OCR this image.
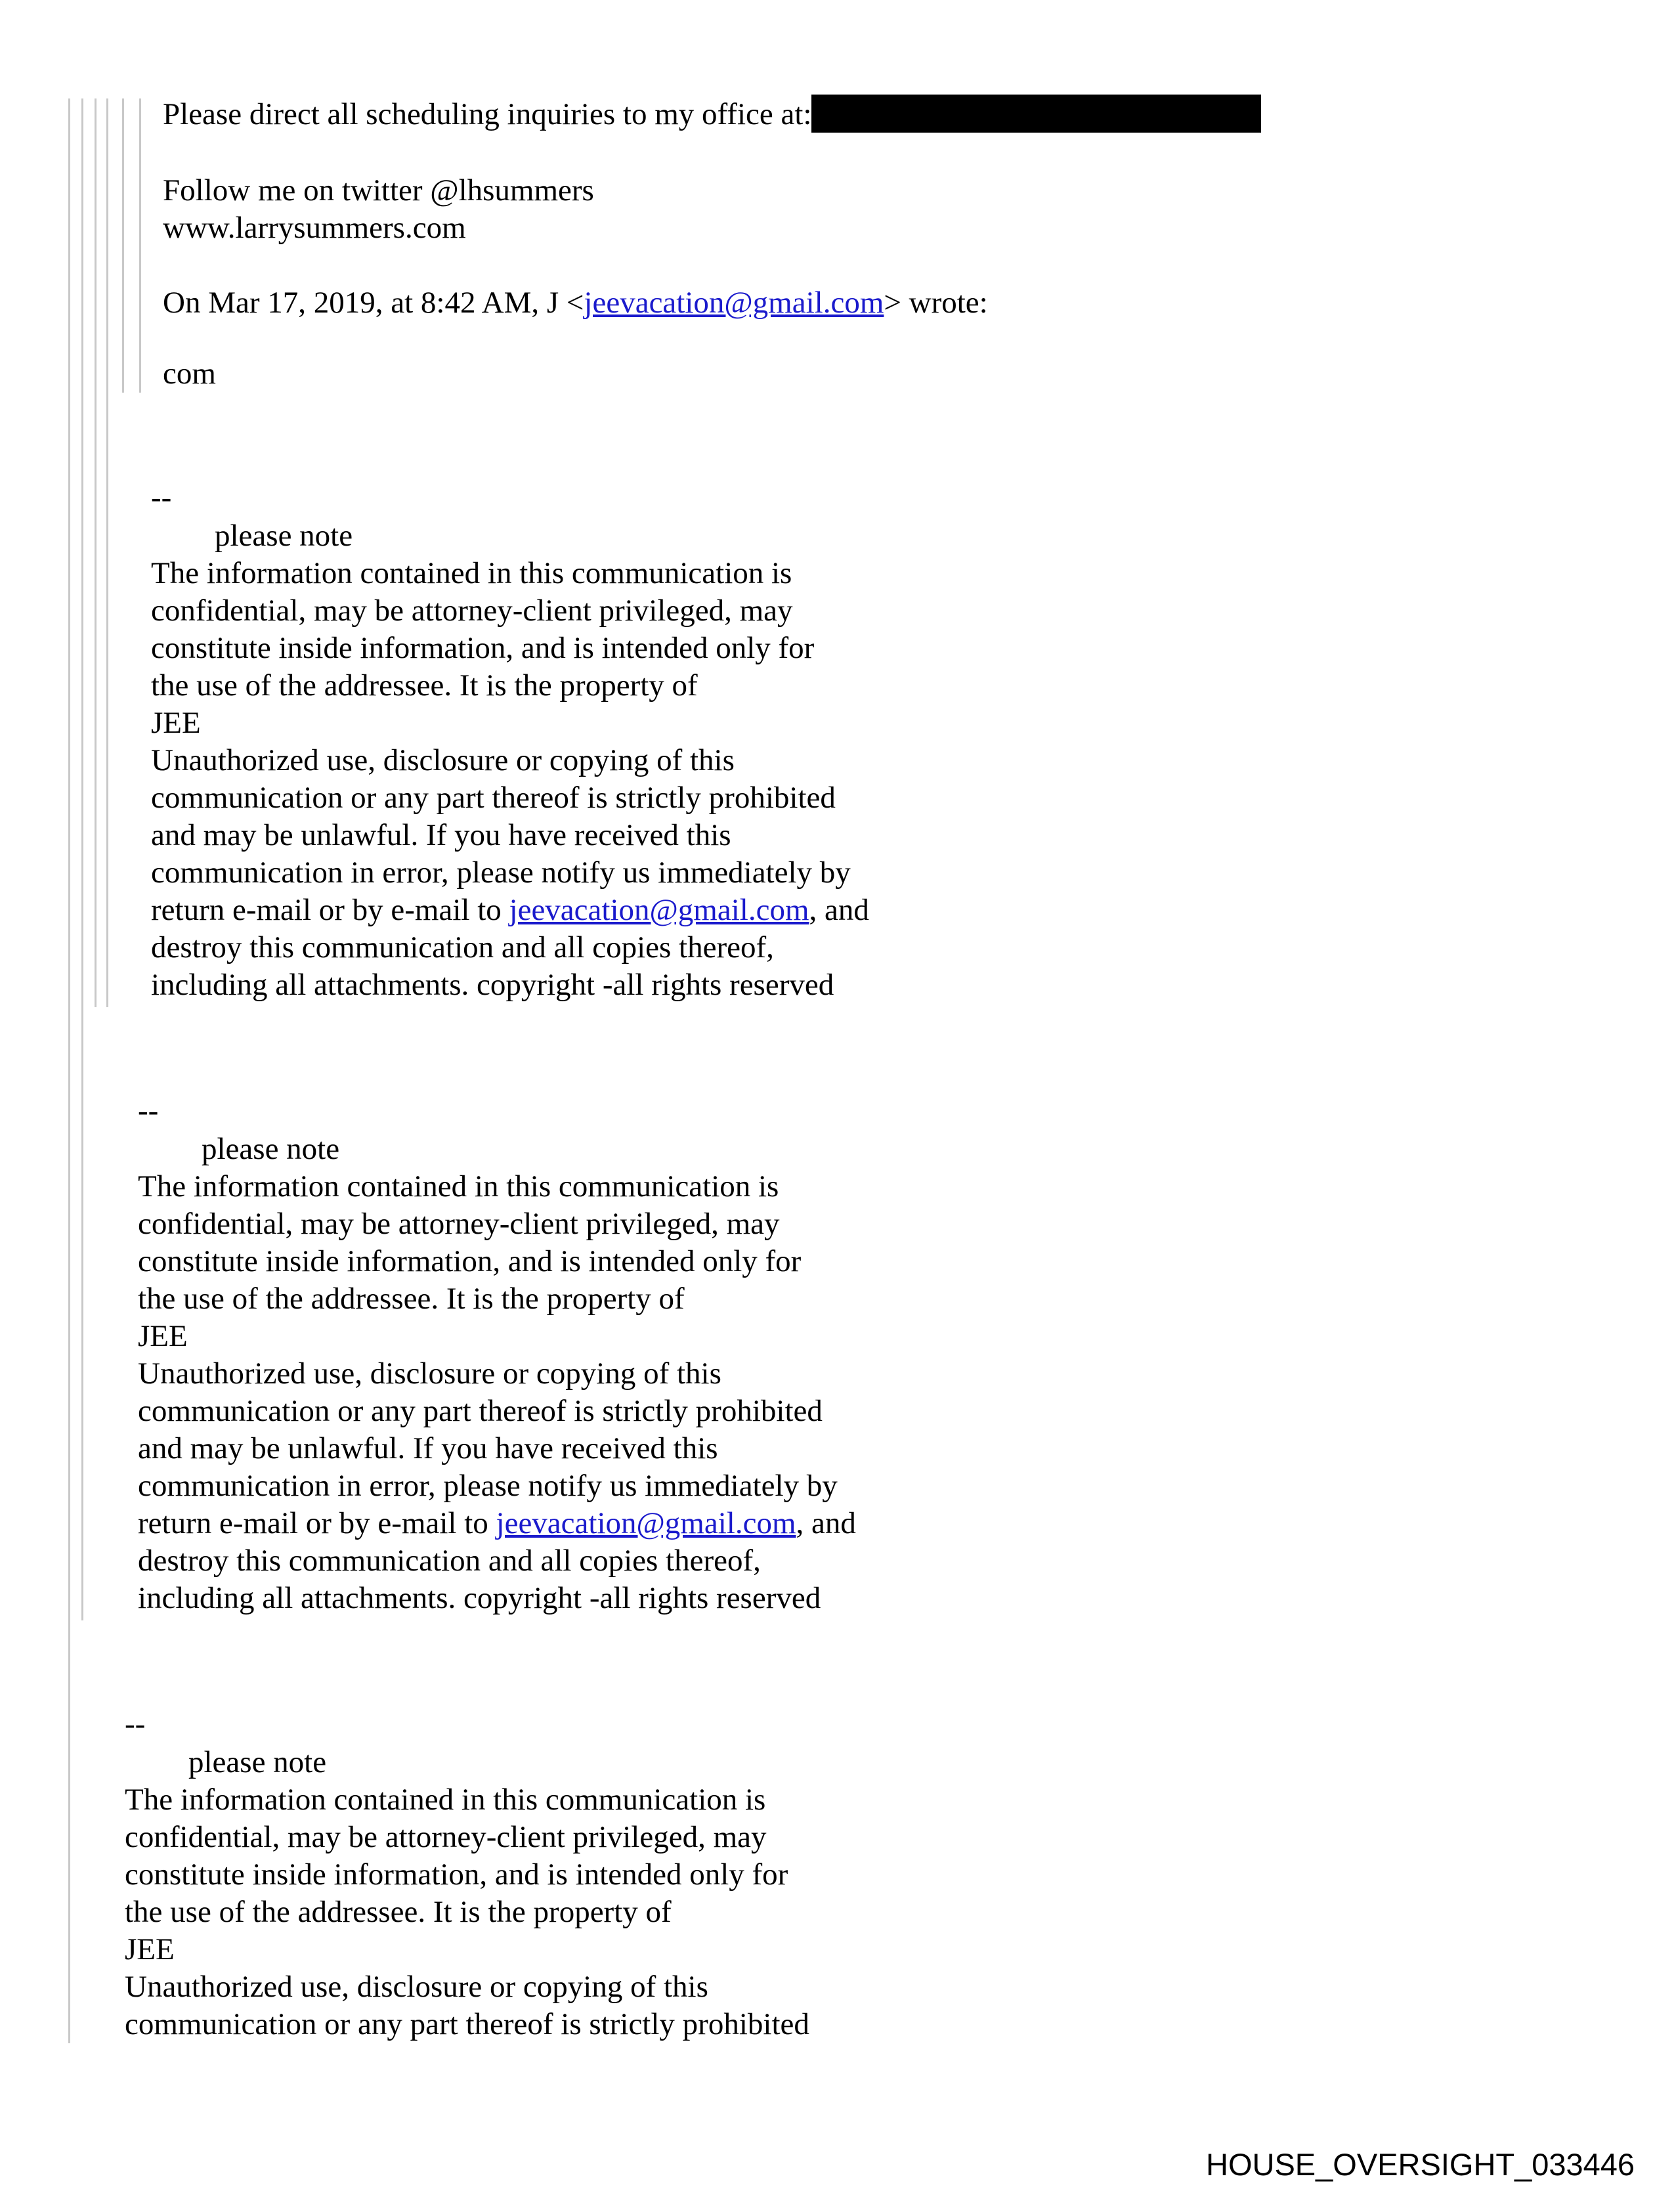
Please direct all scheduling inquiries to my office at:
Follow me on twitter @lhsummers
www.larrysummers.com
On Mar 17, 2019, at 8:42 AM, J <jeevacation@gmail.com> wrote:
com
--
please note
The information contained in this communication is
confidential, may be attorney-client privileged, may
constitute inside information, and is intended only for
the use of the addressee. It is the property of
JEE
Unauthorized use, disclosure or copying of this
communication or any part thereof is strictly prohibited
and may be unlawful. If you have received this
communication in error, please notify us immediately by
return e-mail or by e-mail to jeevacation@gmail.com, and
destroy this communication and all copies thereof,
including all attachments. copyright -all rights reserved
--
please note
The information contained in this communication is
confidential, may be attorney-client privileged, may
constitute inside information, and is intended only for
the use of the addressee. It is the property of
JEE
Unauthorized use, disclosure or copying of this
communication or any part thereof is strictly prohibited
and may be unlawful. If you have received this
communication in error, please notify us immediately by
return e-mail or by e-mail to jeevacation@gmail.com, and
destroy this communication and all copies thereof,
including all attachments. copyright -all rights reserved
--
please note
The information contained in this communication is
confidential, may be attorney-client privileged, may
constitute inside information, and is intended only for
the use of the addressee. It is the property of
JEE
Unauthorized use, disclosure or copying of this
communication or any part thereof is strictly prohibited
HOUSE_OVERSIGHT_033446
